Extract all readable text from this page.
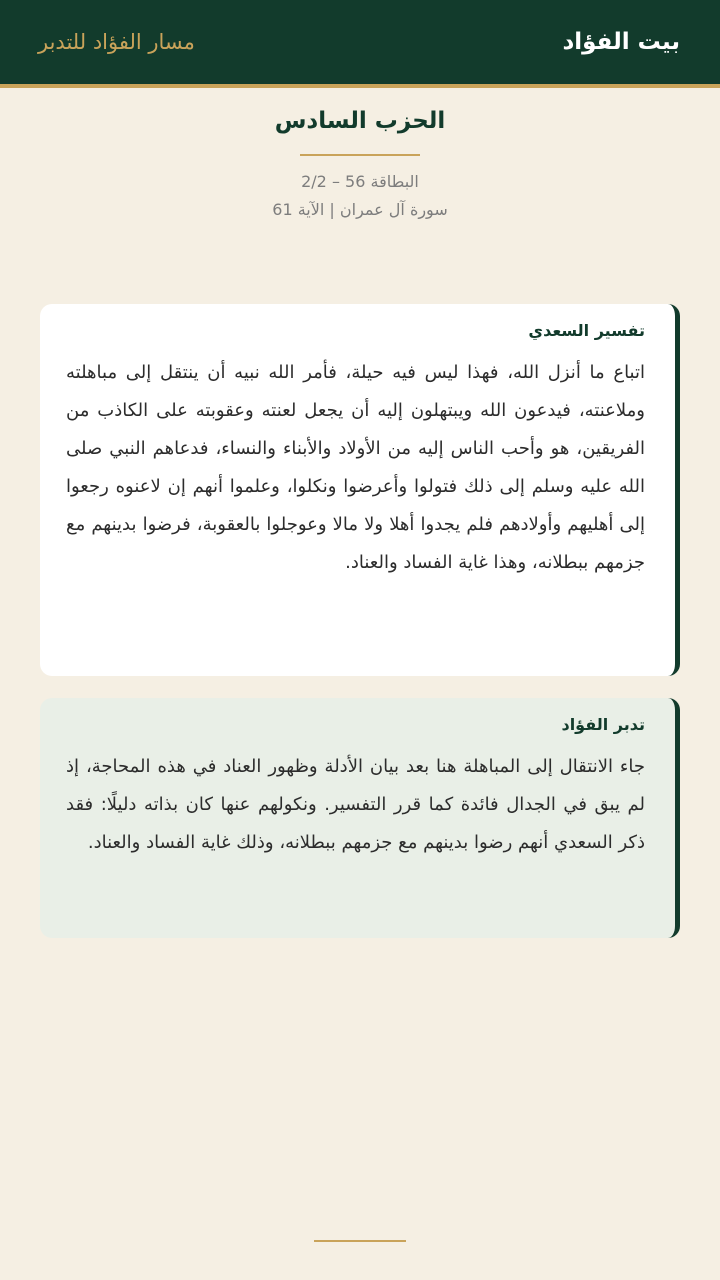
بيت الفؤاد
مسار الفؤاد للتدبر
الحزب السادس
البطاقة 56 – 2/2
سورة آل عمران | الآية 61
تفسير السعدي

اتباع ما أنزل الله، فهذا ليس فيه حيلة، فأمر الله نبيه أن ينتقل إلى مباهلته وملاعنته، فيدعون الله ويبتهلون إليه أن يجعل لعنته وعقوبته على الكاذب من الفريقين، هو وأحب الناس إليه من الأولاد والأبناء والنساء، فدعاهم النبي صلى الله عليه وسلم إلى ذلك فتولوا وأعرضوا ونكلوا، وعلموا أنهم إن لاعنوه رجعوا إلى أهليهم وأولادهم فلم يجدوا أهلا ولا مالا وعوجلوا بالعقوبة، فرضوا بدينهم مع جزمهم ببطلانه، وهذا غاية الفساد والعناد.

تدبر الفؤاد

جاء الانتقال إلى المباهلة هنا بعد بيان الأدلة وظهور العناد في هذه المحاجة، إذ لم يبق في الجدال فائدة كما قرر التفسير. ونكولهم عنها كان بذاته دليلًا: فقد ذكر السعدي أنهم رضوا بدينهم مع جزمهم ببطلانه، وذلك غاية الفساد والعناد.
